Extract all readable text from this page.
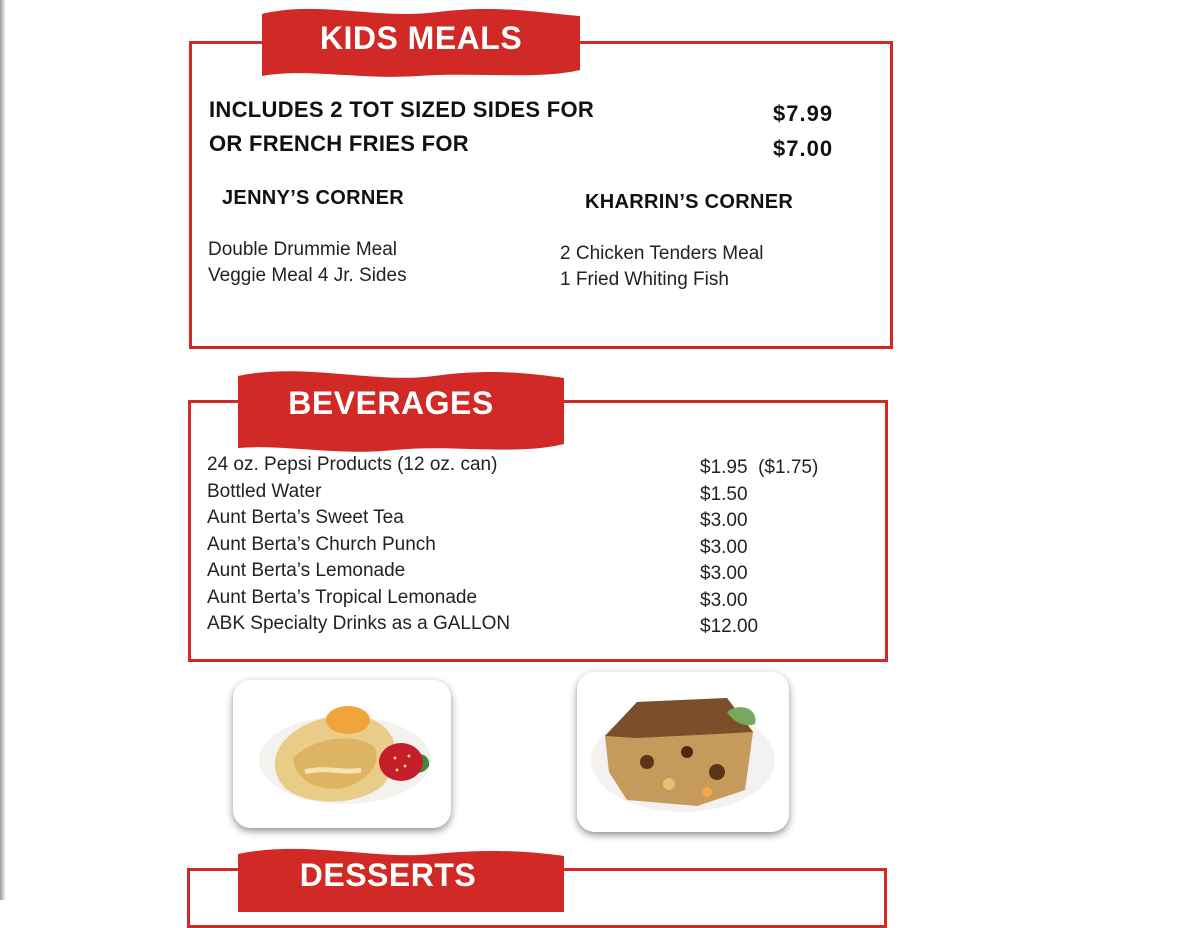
KIDS MEALS
INCLUDES 2 TOT SIZED SIDES FOR	$7.99
OR FRENCH FRIES FOR	$7.00
JENNY’S CORNER
Double Drummie Meal
Veggie Meal 4 Jr. Sides
KHARRIN’S CORNER
2 Chicken Tenders Meal
1 Fried Whiting Fish
BEVERAGES
24 oz. Pepsi Products (12 oz. can)
Bottled Water
Aunt Berta’s Sweet Tea
Aunt Berta’s Church Punch
Aunt Berta’s Lemonade
Aunt Berta’s Tropical Lemonade
ABK Specialty Drinks as a GALLON
$1.95  ($1.75)
$1.50
$3.00
$3.00
$3.00
$3.00
$12.00
DESSERTS
